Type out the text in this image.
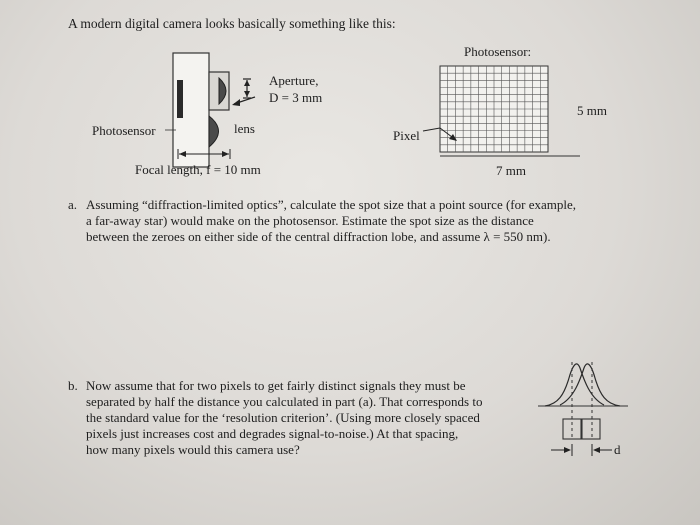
A modern digital camera looks basically something like this:
Aperture,
D = 3 mm
Photosensor	lens
Focal length, f = 10 mm
Photosensor:
5 mm
7 mm
Pixel
a. Assuming “diffraction-limited optics”, calculate the spot size that a point source (for example,
a far-away star) would make on the photosensor. Estimate the spot size as the distance
between the zeroes on either side of the central diffraction lobe, and assume λ = 550 nm).
b. Now assume that for two pixels to get fairly distinct signals they must be
separated by half the distance you calculated in part (a). That corresponds to
the standard value for the ‘resolution criterion’. (Using more closely spaced
pixels just increases cost and degrades signal-to-noise.) At that spacing,
how many pixels would this camera use?	d
